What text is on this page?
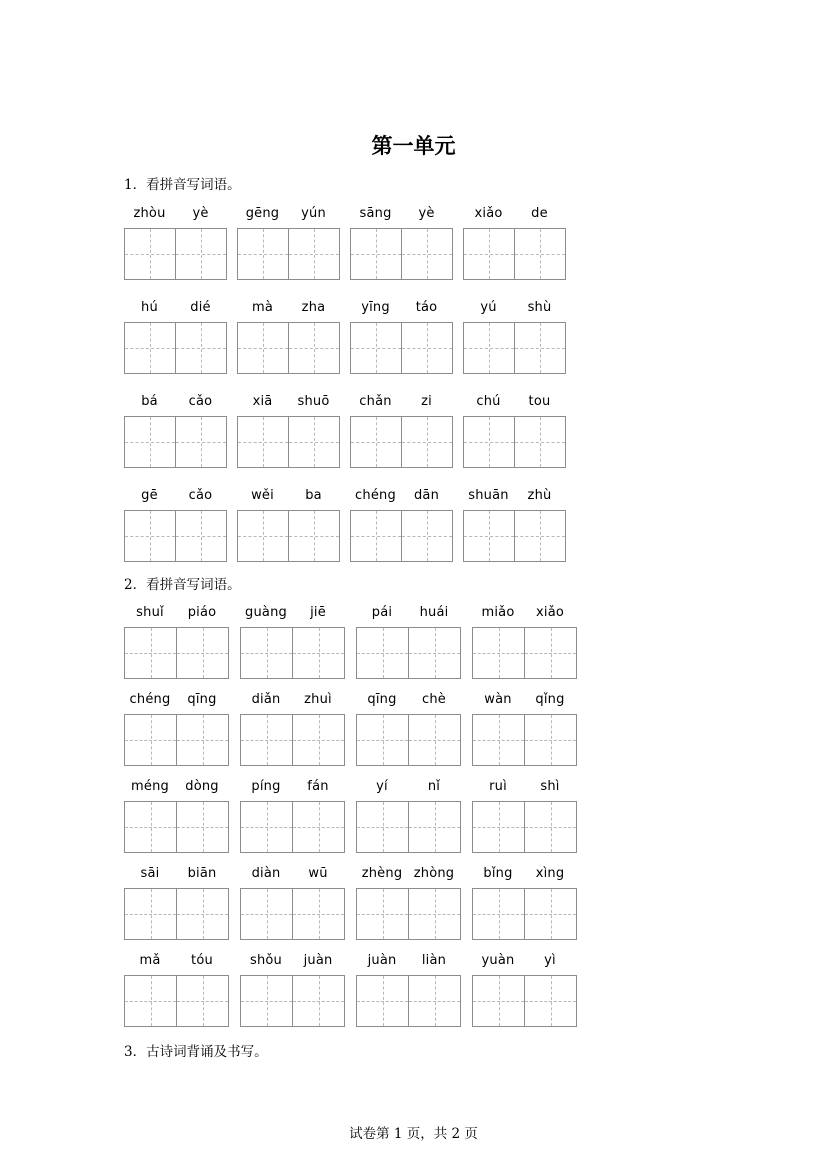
第一单元
1．看拼音写词语。
zhòu	yè	gēng	yún	sāng	yè	xiǎo	de
hú	dié	mà	zha	yīng	táo	yú	shù
bá	cǎo	xiā	shuō	chǎn	zi	chú	tou
gē	cǎo	wěi	ba	chéng	dān	shuān	zhù
2．看拼音写词语。
shuǐ	piáo	guàng	jiē	pái	huái	miǎo	xiǎo
chéng	qīng	diǎn	zhuì	qīng	chè	wàn	qǐng
méng	dòng	píng	fán	yí	nǐ	ruì	shì
sāi	biān	diàn	wū	zhèng zhòng	bǐng	xìng
mǎ	tóu	shǒu	juàn	juàn	liàn	yuàn	yì
3．古诗词背诵及书写。
试卷第 1 页，共 2 页
